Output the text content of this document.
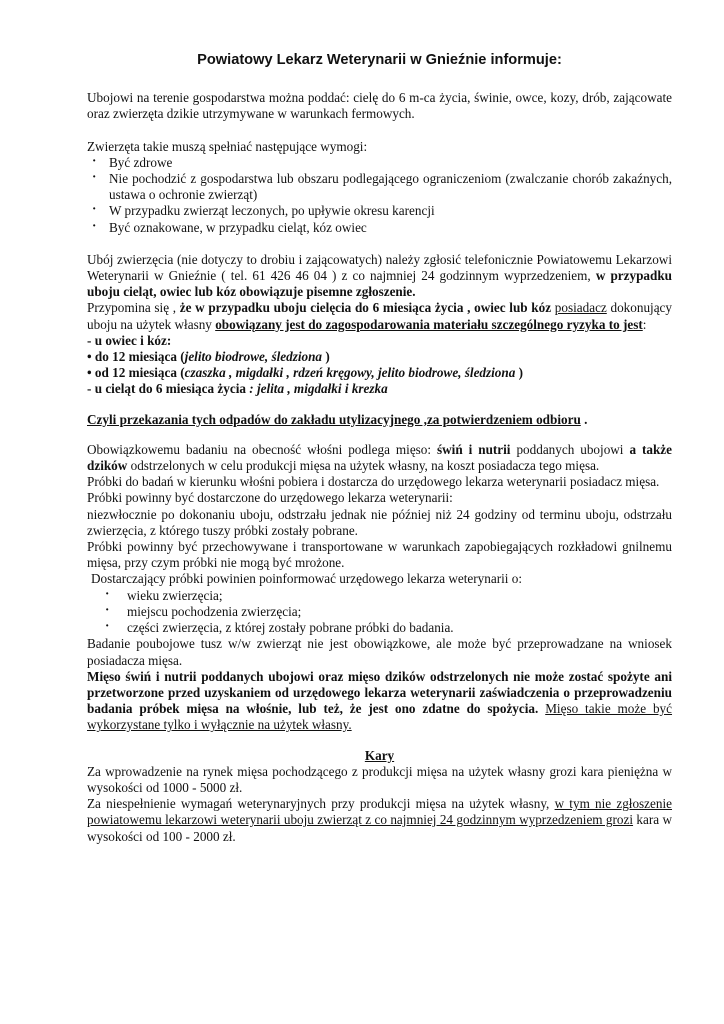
Powiatowy Lekarz Weterynarii w Gnieźnie informuje:

Ubojowi na terenie gospodarstwa można poddać: cielę do 6 m-ca życia, świnie, owce, kozy, drób, zającowate oraz zwierzęta dzikie utrzymywane w warunkach fermowych.

Zwierzęta takie muszą spełniać następujące wymogi:

· Być zdrowe
· Nie pochodzić z gospodarstwa lub obszaru podlegającego ograniczeniom (zwalczanie chorób zakaźnych, ustawa o ochronie zwierząt)
· W przypadku zwierząt leczonych, po upływie okresu karencji
· Być oznakowane, w przypadku cieląt, kóz owiec

Ubój zwierzęcia (nie dotyczy to drobiu i zającowatych) należy zgłosić telefonicznie Powiatowemu Lekarzowi Weterynarii w Gnieźnie ( tel. 61 426 46 04 ) z co najmniej 24 godzinnym wyprzedzeniem, w przypadku uboju cieląt, owiec lub kóz obowiązuje pisemne zgłoszenie.

Przypomina się , że w przypadku uboju cielęcia do 6 miesiąca życia , owiec lub kóz posiadacz dokonujący uboju na użytek własny obowiązany jest do zagospodarowania materiału szczególnego ryzyka to jest:

- u owiec i kóz:

• do 12 miesiąca (jelito biodrowe, śledziona )

• od 12 miesiąca (czaszka , migdałki , rdzeń kręgowy, jelito biodrowe, śledziona )

- u cieląt do 6 miesiąca życia : jelita , migdałki i krezka

Czyli przekazania tych odpadów do zakładu utylizacyjnego ,za potwierdzeniem odbioru .

Obowiązkowemu badaniu na obecność włośni podlega mięso: świń i nutrii poddanych ubojowi a także dzików odstrzelonych w celu produkcji mięsa na użytek własny, na koszt posiadacza tego mięsa.

Próbki do badań w kierunku włośni pobiera i dostarcza do urzędowego lekarza weterynarii posiadacz mięsa.

Próbki powinny być dostarczone do urzędowego lekarza weterynarii:

niezwłocznie po dokonaniu uboju, odstrzału jednak nie później niż 24 godziny od terminu uboju, odstrzału zwierzęcia, z którego tuszy próbki zostały pobrane.

Próbki powinny być przechowywane i transportowane w warunkach zapobiegających rozkładowi gnilnemu mięsa, przy czym próbki nie mogą być mrożone.

Dostarczający próbki powinien poinformować urzędowego lekarza weterynarii o:

· wieku zwierzęcia;
· miejscu pochodzenia zwierzęcia;
· części zwierzęcia, z której zostały pobrane próbki do badania.

Badanie poubojowe tusz w/w zwierząt nie jest obowiązkowe, ale może być przeprowadzane na wniosek posiadacza mięsa.

Mięso świń i nutrii poddanych ubojowi oraz mięso dzików odstrzelonych nie może zostać spożyte ani przetworzone przed uzyskaniem od urzędowego lekarza weterynarii zaświadczenia o przeprowadzeniu badania próbek mięsa na włośnie, lub też, że jest ono zdatne do spożycia. Mięso takie może być wykorzystane tylko i wyłącznie na użytek własny.

Kary

Za wprowadzenie na rynek mięsa pochodzącego z produkcji mięsa na użytek własny grozi kara pieniężna w wysokości od 1000 - 5000 zł.

Za niespełnienie wymagań weterynaryjnych przy produkcji mięsa na użytek własny, w tym nie zgłoszenie powiatowemu lekarzowi weterynarii uboju zwierząt z co najmniej 24 godzinnym wyprzedzeniem grozi kara w wysokości od 100 - 2000 zł.
